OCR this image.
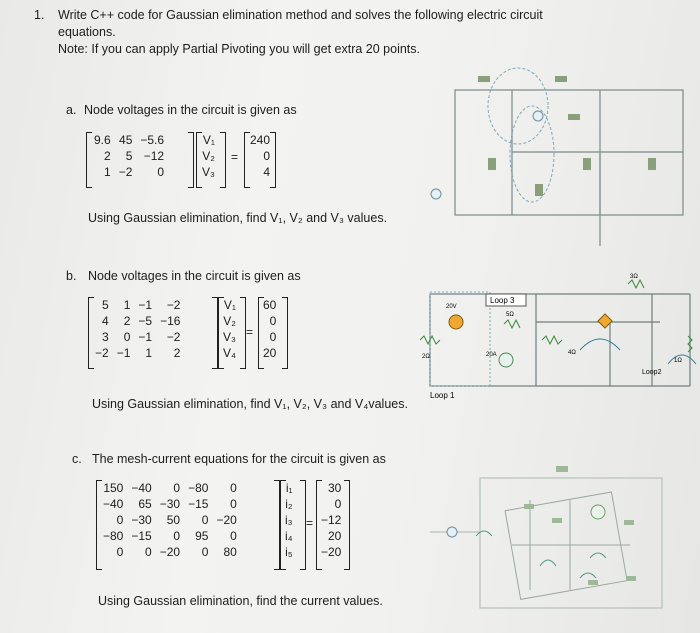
1. Write C++ code for Gaussian elimination method and solves the following electric circuit
equations.
Note: If you can apply Partial Pivoting you will get extra 20 points.
a. Node voltages in the circuit is given as
9.6	45	−5.6
2	5	−12
1	−2	0
V₁
V₂
V₃
=
240
0
4
Using Gaussian elimination, find V₁, V₂ and V₃ values.
b. Node voltages in the circuit is given as
5	1	−1	−2
4	2	−5	−16
3	0	−1	−2
−2	−1	1	2
V₁
V₂
V₃
V₄
=
60
0
0
20
Using Gaussian elimination, find V₁, V₂, V₃ and V₄values.
Loop 3
Loop 1
Loop2
2Ω
3Ω
1Ω
4Ω
5Ω
20V
20A
c. The mesh-current equations for the circuit is given as
150	−40	0	−80	0
−40	65	−30	−15	0
0	−30	50	0	−20
−80	−15	0	95	0
0	0	−20	0	80
i₁
i₂
i₃
i₄
i₅
=
30
0
−12
20
−20
Using Gaussian elimination, find the current values.
